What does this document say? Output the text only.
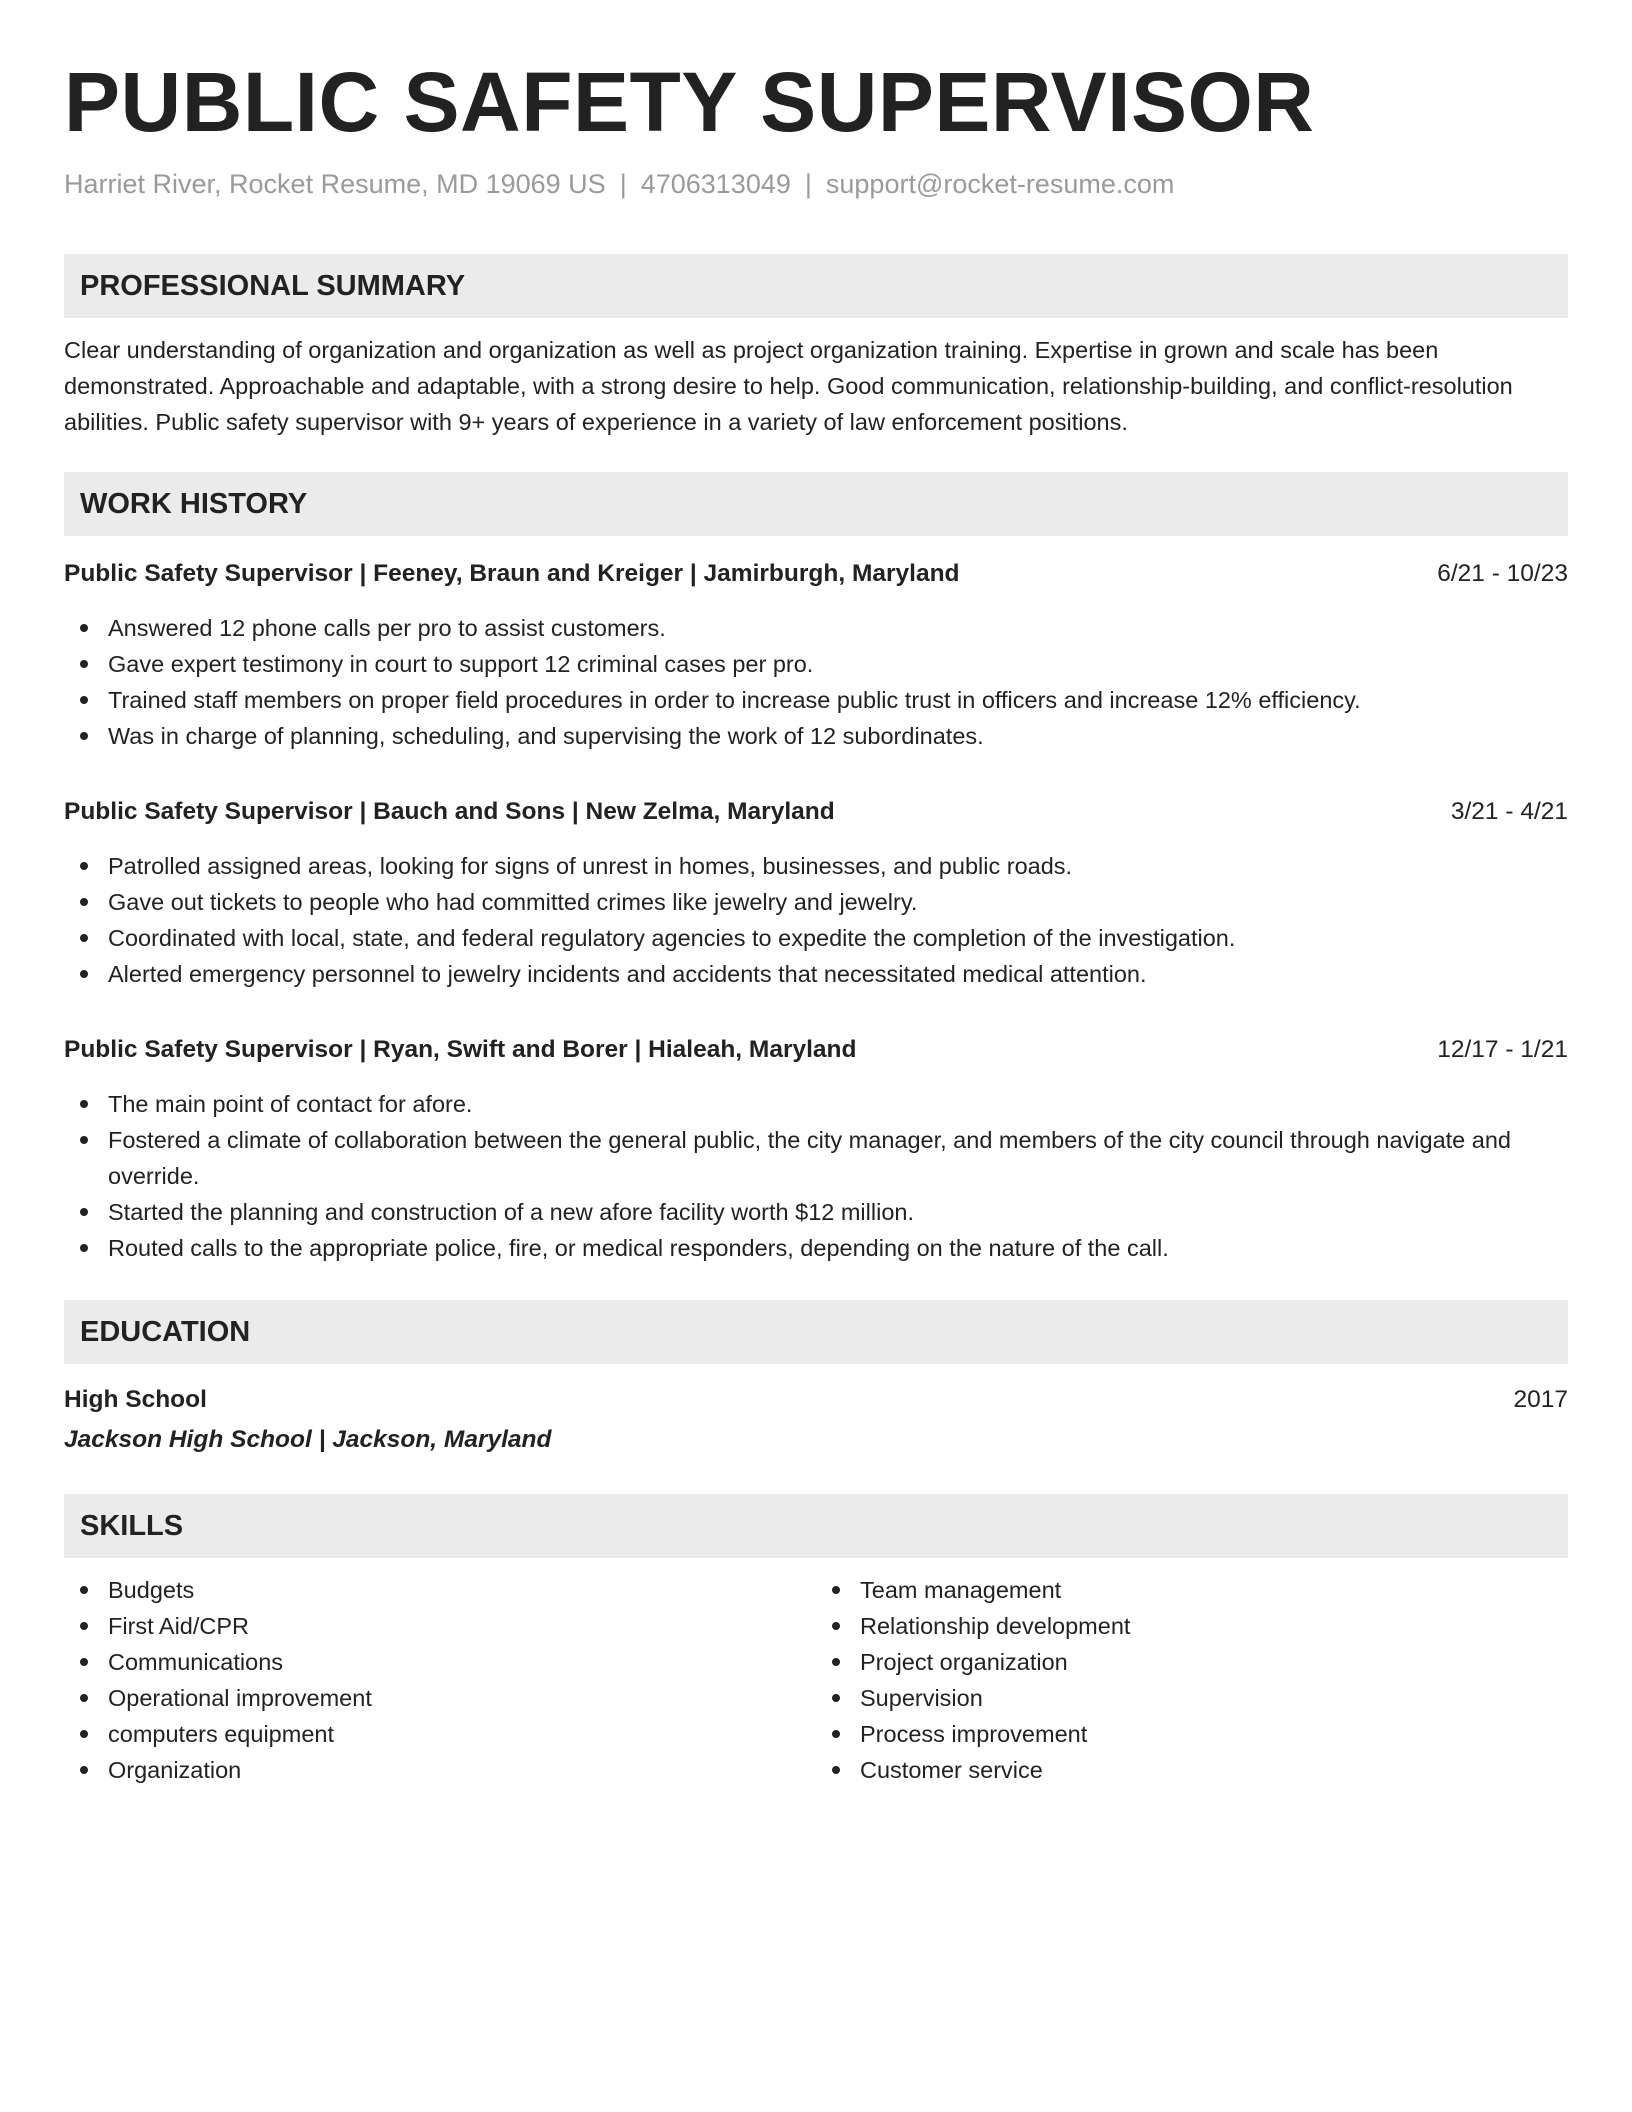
PUBLIC SAFETY SUPERVISOR
Harriet River, Rocket Resume, MD 19069 US | 4706313049 | support@rocket-resume.com
PROFESSIONAL SUMMARY
Clear understanding of organization and organization as well as project organization training. Expertise in grown and scale has been demonstrated. Approachable and adaptable, with a strong desire to help. Good communication, relationship-building, and conflict-resolution abilities. Public safety supervisor with 9+ years of experience in a variety of law enforcement positions.
WORK HISTORY
Public Safety Supervisor | Feeney, Braun and Kreiger | Jamirburgh, Maryland	6/21 - 10/23
Answered 12 phone calls per pro to assist customers.
Gave expert testimony in court to support 12 criminal cases per pro.
Trained staff members on proper field procedures in order to increase public trust in officers and increase 12% efficiency.
Was in charge of planning, scheduling, and supervising the work of 12 subordinates.
Public Safety Supervisor | Bauch and Sons | New Zelma, Maryland	3/21 - 4/21
Patrolled assigned areas, looking for signs of unrest in homes, businesses, and public roads.
Gave out tickets to people who had committed crimes like jewelry and jewelry.
Coordinated with local, state, and federal regulatory agencies to expedite the completion of the investigation.
Alerted emergency personnel to jewelry incidents and accidents that necessitated medical attention.
Public Safety Supervisor | Ryan, Swift and Borer | Hialeah, Maryland	12/17 - 1/21
The main point of contact for afore.
Fostered a climate of collaboration between the general public, the city manager, and members of the city council through navigate and override.
Started the planning and construction of a new afore facility worth $12 million.
Routed calls to the appropriate police, fire, or medical responders, depending on the nature of the call.
EDUCATION
High School	2017
Jackson High School | Jackson, Maryland
SKILLS
Budgets
First Aid/CPR
Communications
Operational improvement
computers equipment
Organization
Team management
Relationship development
Project organization
Supervision
Process improvement
Customer service
